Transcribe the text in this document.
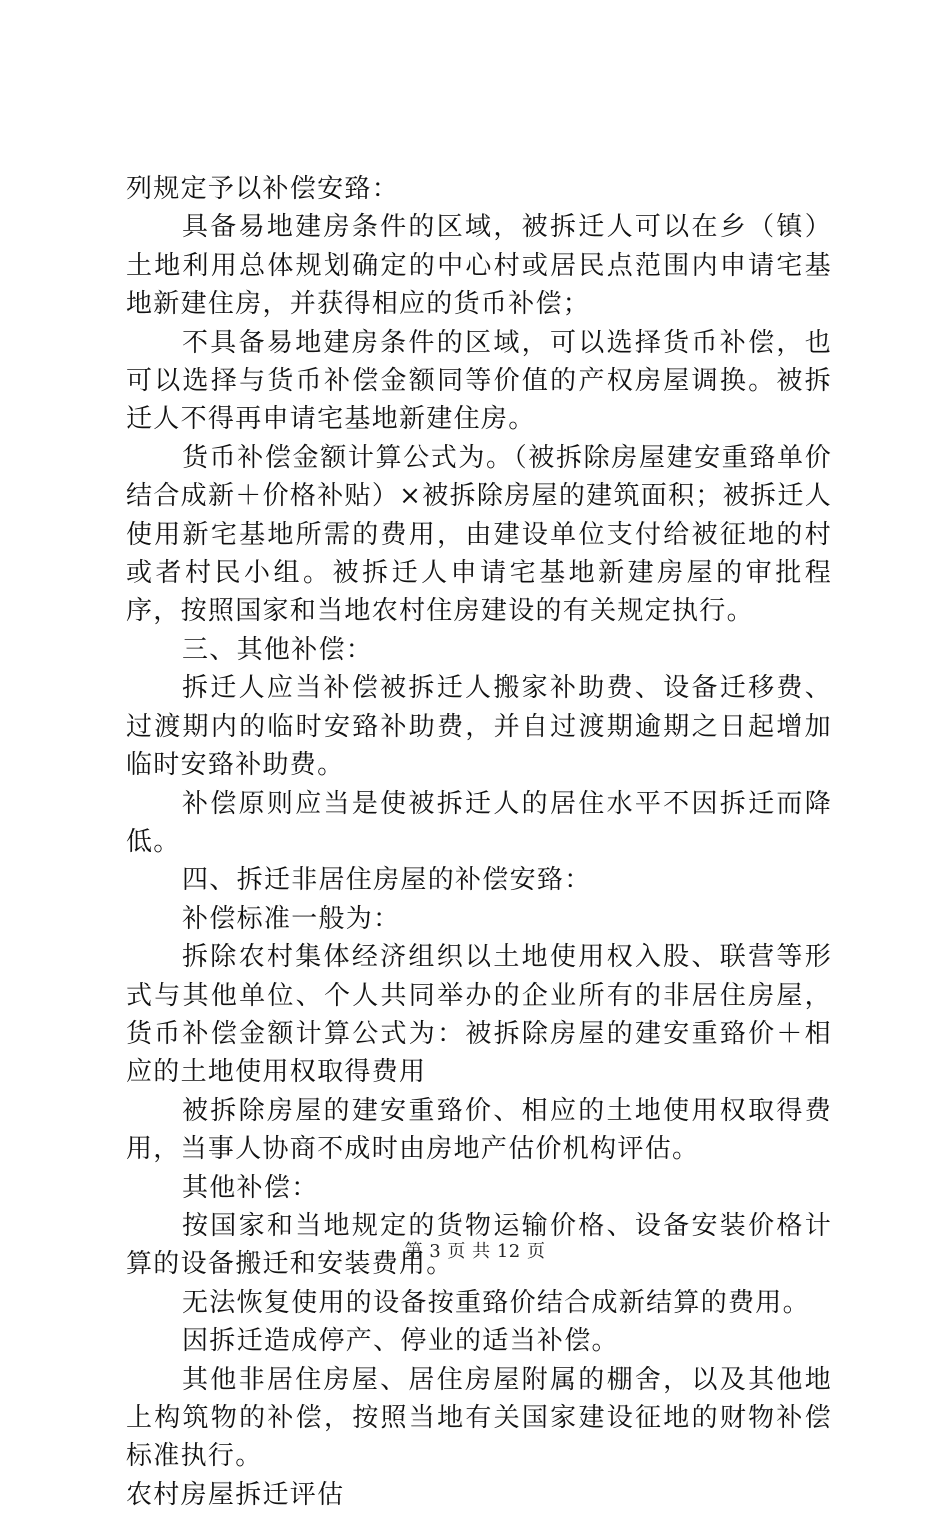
列规定予以补偿安臵：

具备易地建房条件的区域，被拆迁人可以在乡（镇）土地利用总体规划确定的中心村或居民点范围内申请宅基地新建住房，并获得相应的货币补偿；

不具备易地建房条件的区域，可以选择货币补偿，也可以选择与货币补偿金额同等价值的产权房屋调换。被拆迁人不得再申请宅基地新建住房。

货币补偿金额计算公式为。（被拆除房屋建安重臵单价结合成新＋价格补贴）×被拆除房屋的建筑面积；被拆迁人使用新宅基地所需的费用，由建设单位支付给被征地的村或者村民小组。被拆迁人申请宅基地新建房屋的审批程序，按照国家和当地农村住房建设的有关规定执行。

三、其他补偿：

拆迁人应当补偿被拆迁人搬家补助费、设备迁移费、过渡期内的临时安臵补助费，并自过渡期逾期之日起增加临时安臵补助费。

补偿原则应当是使被拆迁人的居住水平不因拆迁而降低。

四、拆迁非居住房屋的补偿安臵：

补偿标准一般为：

拆除农村集体经济组织以土地使用权入股、联营等形式与其他单位、个人共同举办的企业所有的非居住房屋，货币补偿金额计算公式为：被拆除房屋的建安重臵价＋相应的土地使用权取得费用

被拆除房屋的建安重臵价、相应的土地使用权取得费用，当事人协商不成时由房地产估价机构评估。

其他补偿：

按国家和当地规定的货物运输价格、设备安装价格计算的设备搬迁和安装费用。

无法恢复使用的设备按重臵价结合成新结算的费用。

因拆迁造成停产、停业的适当补偿。

其他非居住房屋、居住房屋附属的棚舍，以及其他地上构筑物的补偿，按照当地有关国家建设征地的财物补偿标准执行。

农村房屋拆迁评估

第 3 页 共 12 页
